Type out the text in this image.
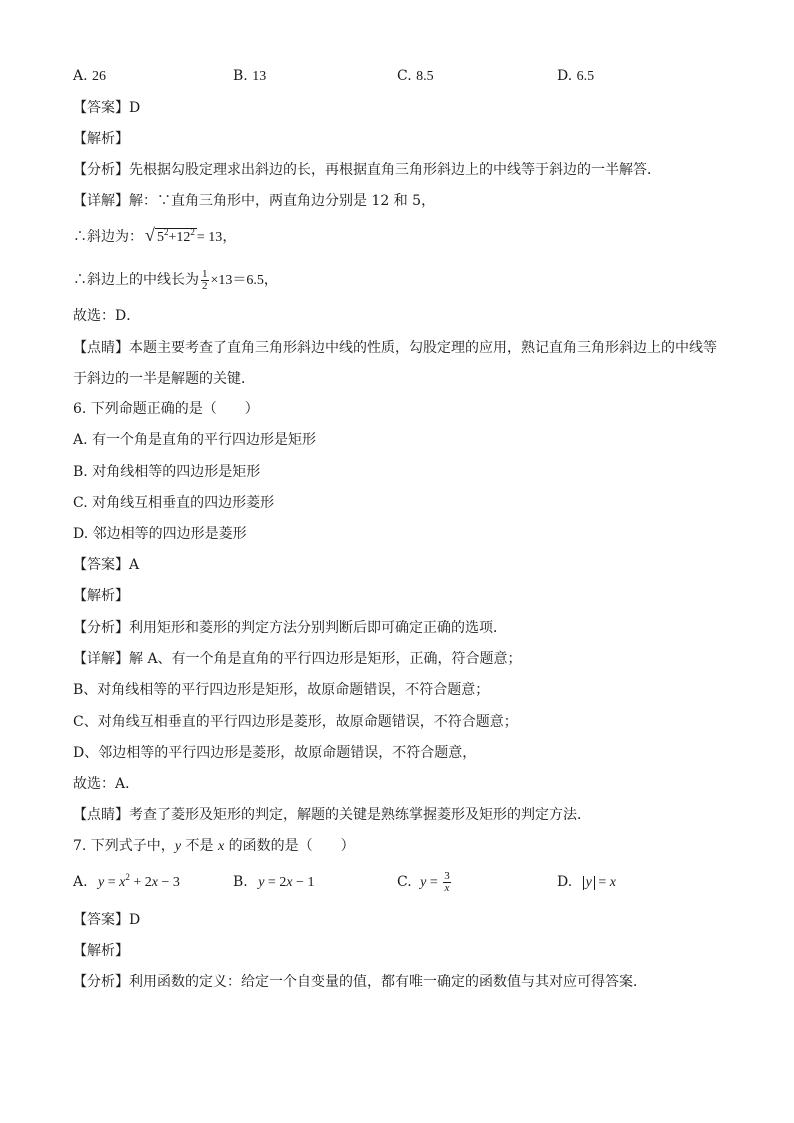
A. 26	B. 13	C. 8.5	D. 6.5
【答案】D
【解析】
【分析】先根据勾股定理求出斜边的长，再根据直角三角形斜边上的中线等于斜边的一半解答．
【详解】解：∵直角三角形中，两直角边分别是 12 和 5，
∴斜边为： √ $5^2+12^2 = 13$，
∴斜边上的中线长为 $\frac{1}{2} \times 13=6.5$，
故选：D．
【点睛】本题主要考查了直角三角形斜边中线的性质，勾股定理的应用，熟记直角三角形斜边上的中线等
于斜边的一半是解题的关键．
6. 下列命题正确的是（　　）
A. 有一个角是直角的平行四边形是矩形
B. 对角线相等的四边形是矩形
C. 对角线互相垂直的四边形菱形
D. 邻边相等的四边形是菱形
【答案】A
【解析】
【分析】利用矩形和菱形的判定方法分别判断后即可确定正确的选项．
【详解】解 A、有一个角是直角的平行四边形是矩形，正确，符合题意；
B、对角线相等的平行四边形是矩形，故原命题错误，不符合题意；
C、对角线互相垂直的平行四边形是菱形，故原命题错误，不符合题意；
D、邻边相等的平行四边形是菱形，故原命题错误，不符合题意，
故选：A．
【点睛】考查了菱形及矩形的判定，解题的关键是熟练掌握菱形及矩形的判定方法．
7. 下列式子中，y 不是 x 的函数的是（　　）
A. $y = x^2 + 2x - 3$	B. y = 2x − 1	C. $y = \frac{3}{x}$	D. y = x
【答案】D
【解析】
【分析】利用函数的定义：给定一个自变量的值，都有唯一确定的函数值与其对应可得答案．
